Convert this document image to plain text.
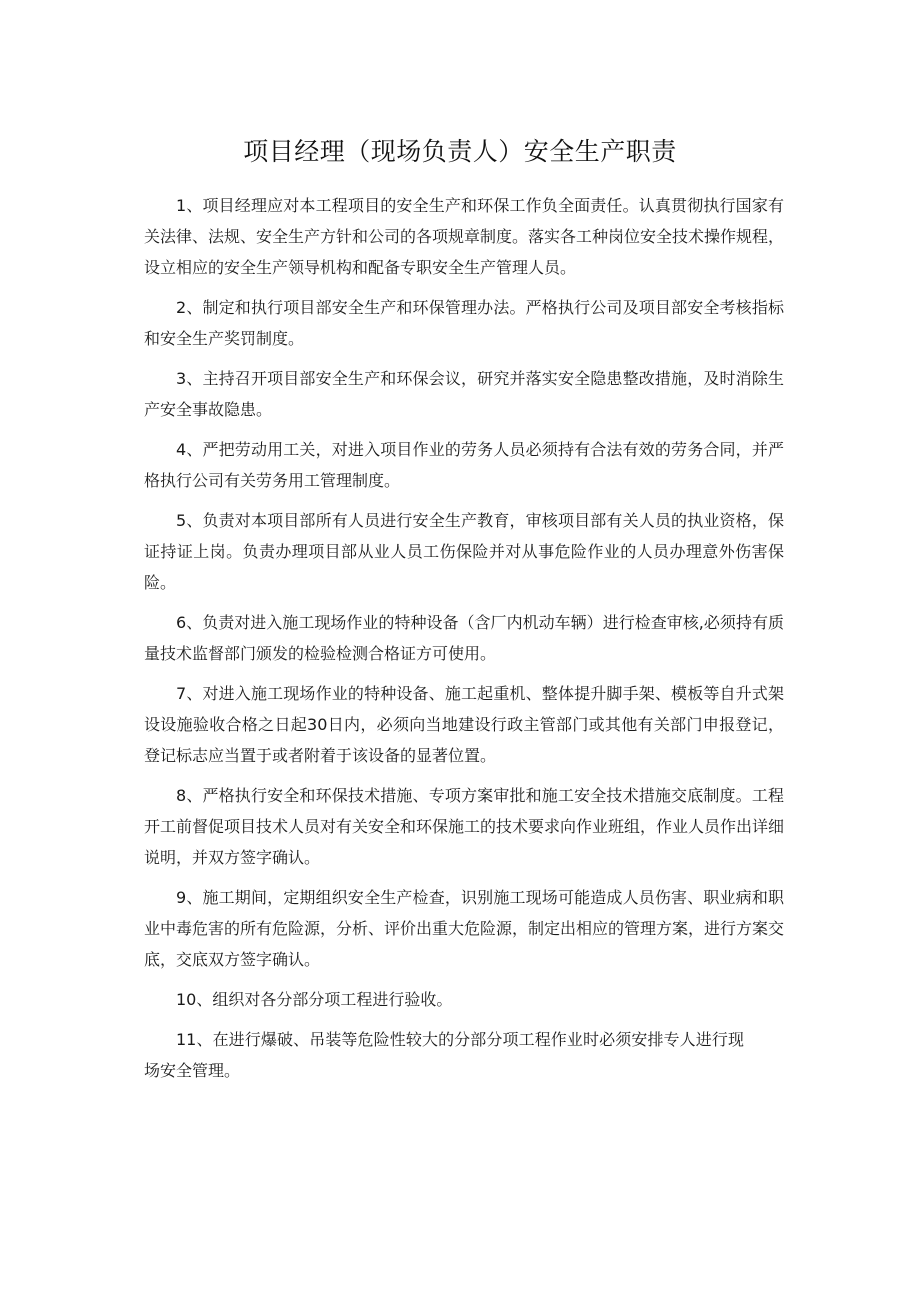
项目经理（现场负责人）安全生产职责

1、项目经理应对本工程项目的安全生产和环保工作负全面责任。认真贯彻执行国家有关法律、法规、安全生产方针和公司的各项规章制度。落实各工种岗位安全技术操作规程，设立相应的安全生产领导机构和配备专职安全生产管理人员。

2、制定和执行项目部安全生产和环保管理办法。严格执行公司及项目部安全考核指标和安全生产奖罚制度。

3、主持召开项目部安全生产和环保会议，研究并落实安全隐患整改措施，及时消除生产安全事故隐患。

4、严把劳动用工关，对进入项目作业的劳务人员必须持有合法有效的劳务合同，并严格执行公司有关劳务用工管理制度。

5、负责对本项目部所有人员进行安全生产教育，审核项目部有关人员的执业资格，保证持证上岗。负责办理项目部从业人员工伤保险并对从事危险作业的人员办理意外伤害保险。

6、负责对进入施工现场作业的特种设备（含厂内机动车辆）进行检查审核,必须持有质量技术监督部门颁发的检验检测合格证方可使用。

7、对进入施工现场作业的特种设备、施工起重机、整体提升脚手架、模板等自升式架设设施验收合格之日起30日内，必须向当地建设行政主管部门或其他有关部门申报登记，登记标志应当置于或者附着于该设备的显著位置。

8、严格执行安全和环保技术措施、专项方案审批和施工安全技术措施交底制度。工程开工前督促项目技术人员对有关安全和环保施工的技术要求向作业班组，作业人员作出详细说明，并双方签字确认。

9、施工期间，定期组织安全生产检查，识别施工现场可能造成人员伤害、职业病和职业中毒危害的所有危险源，分析、评价出重大危险源，制定出相应的管理方案，进行方案交底，交底双方签字确认。

10、组织对各分部分项工程进行验收。

11、在进行爆破、吊装等危险性较大的分部分项工程作业时必须安排专人进行现场安全管理。
